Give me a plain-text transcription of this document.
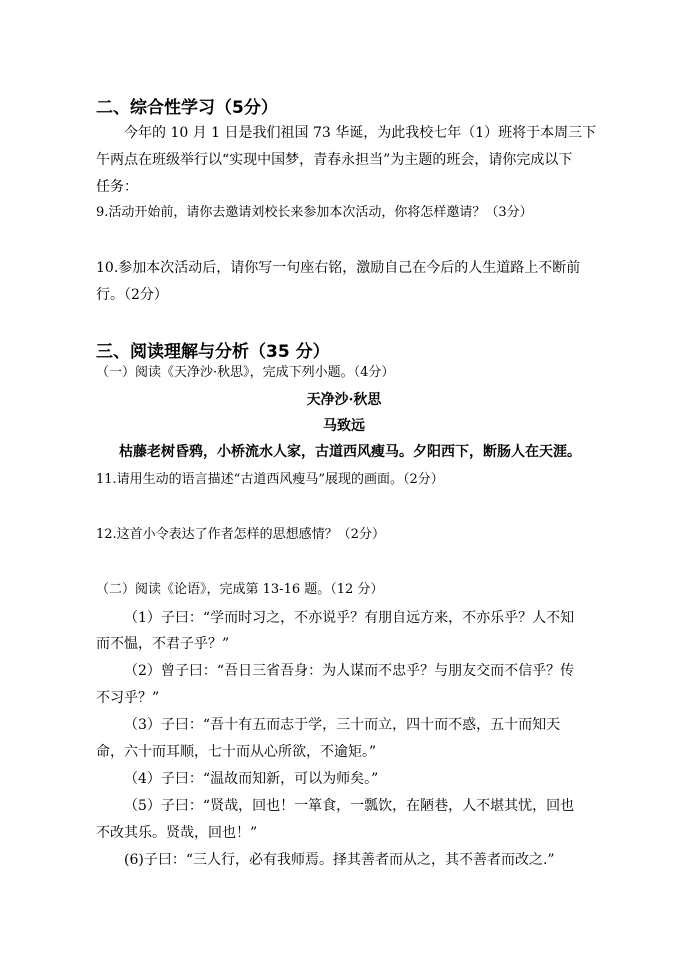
二、综合性学习（5分）
今年的 10 月 1 日是我们祖国 73 华诞，为此我校七年（1）班将于本周三下
午两点在班级举行以“实现中国梦，青春永担当”为主题的班会，请你完成以下
任务：
9.活动开始前，请你去邀请刘校长来参加本次活动，你将怎样邀请？（3分）
10.参加本次活动后，请你写一句座右铭，激励自己在今后的人生道路上不断前
行。（2分）
三、阅读理解与分析（35 分）
（一）阅读《天净沙·秋思》，完成下列小题。（4分）
天净沙·秋思
马致远
枯藤老树昏鸦，小桥流水人家，古道西风瘦马。夕阳西下，断肠人在天涯。
11.请用生动的语言描述“古道西风瘦马”展现的画面。（2分）
12.这首小令表达了作者怎样的思想感情？（2分）
（二）阅读《论语》，完成第 13-16 题。（12 分）
（1）子曰：“学而时习之，不亦说乎？有朋自远方来，不亦乐乎？人不知
而不愠，不君子乎？”
（2）曾子曰：“吾日三省吾身：为人谋而不忠乎？与朋友交而不信乎？传
不习乎？”
（3）子曰：“吾十有五而志于学，三十而立，四十而不惑，五十而知天
命，六十而耳顺，七十而从心所欲，不逾矩。”
（4）子曰：“温故而知新，可以为师矣。”
（5）子曰：“贤哉，回也！一箪食，一瓢饮，在陋巷，人不堪其忧，回也
不改其乐。贤哉，回也！”
(6)子曰：“三人行，必有我师焉。择其善者而从之，其不善者而改之.”
